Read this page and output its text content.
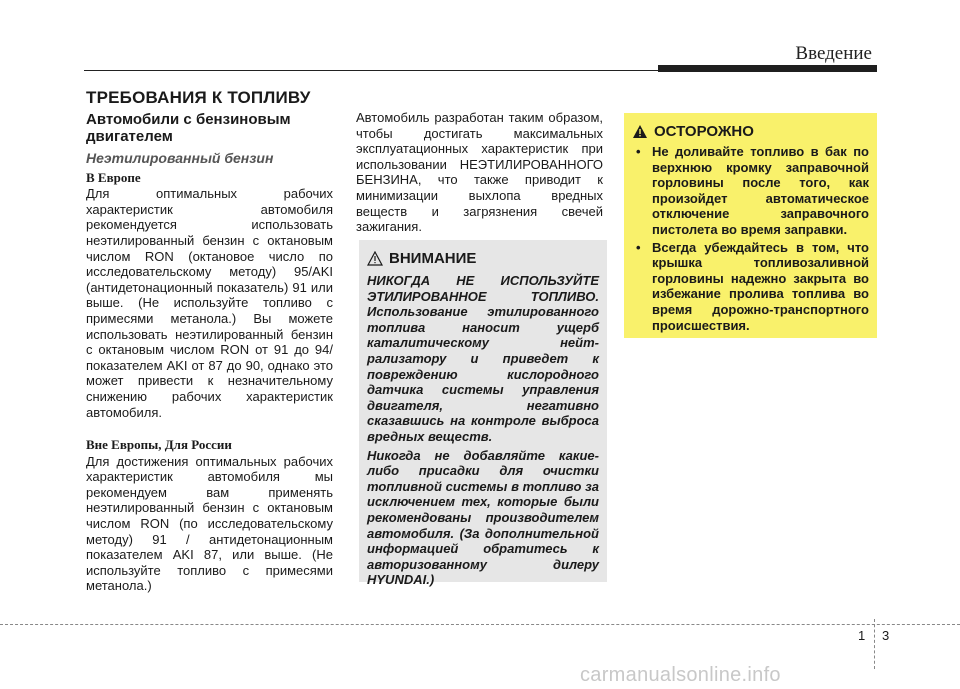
Введение
ТРЕБОВАНИЯ К ТОПЛИВУ
Автомобили с бензиновым двигателем
Неэтилированный бензин
В Европе

Для оптимальных рабочих характеристик автомобиля рекомендуется использовать неэтилированный бензин с октановым числом RON (октановое число по исследовательскому методу) 95/AKI (антидетонационный показатель) 91 или выше. (Не используйте топливо с примесями метанола.) Вы можете использовать неэтилированный бензин с октановым числом RON от 91 до 94/показателем AKI от 87 до 90, однако это может привести к незначительному снижению рабочих характеристик автомобиля.

Вне Европы, Для России

Для достижения оптимальных рабочих характеристик автомобиля мы рекомендуем вам применять неэтилированный бензин с октановым числом RON (по исследовательскому методу) 91 / антидетонационным показателем AKI 87, или выше. (Не используйте топливо с примесями метанола.)

Автомобиль разработан таким образом, чтобы достигать максимальных эксплуатационных характеристик при использовании НЕЭТИЛИРОВАННОГО БЕНЗИНА, что также приводит к минимизации выхлопа вредных веществ и загрязнения свечей зажигания.

ВНИМАНИЕ

НИКОГДА НЕ ИСПОЛЬЗУЙТЕ ЭТИЛИРОВАННОЕ ТОПЛИВО. Использование этилированного топлива наносит ущерб каталитическому нейт-рализатору и приведет к повреждению кислородного датчика системы управления двигателя, негативно сказавшись на контроле выброса вредных веществ.

Никогда не добавляйте какие-либо присадки для очистки топливной системы в топливо за исключением тех, которые были рекомендованы производителем автомобиля. (За дополнительной информацией обратитесь к авторизованному дилеру HYUNDAI.)

ОСТОРОЖНО
• Не доливайте топливо в бак по верхнюю кромку заправочной горловины после того, как произойдет автоматическое отключение заправочного пистолета во время заправки.
• Всегда убеждайтесь в том, что крышка топливозаливной горловины надежно закрыта во избежание пролива топлива во время дорожно-транспортного происшествия.
1 3
carmanualsonline.info
